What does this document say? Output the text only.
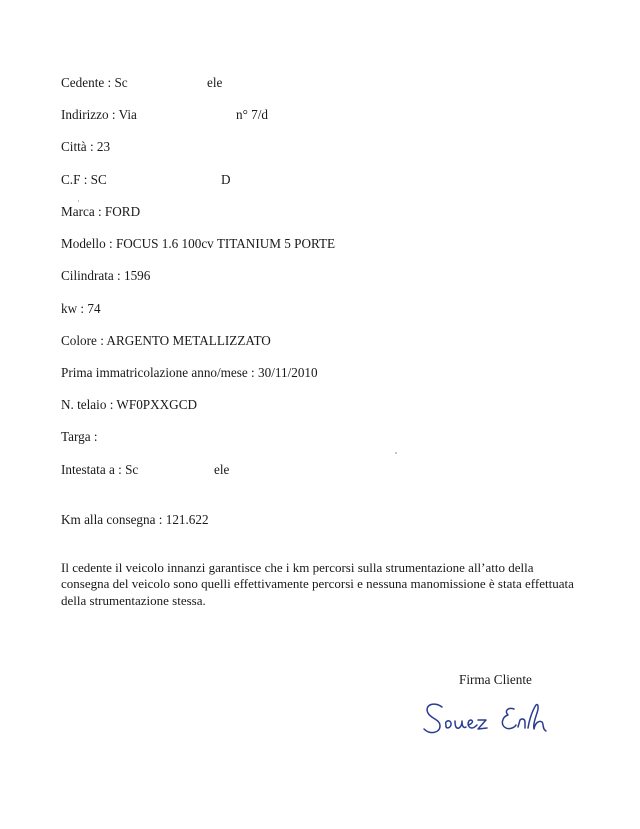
Cedente : Sc	ele
Indirizzo : Via	n° 7/d
Città : 23
C.F : SC	D
Marca : FORD
Modello : FOCUS 1.6 100cv TITANIUM 5 PORTE
Cilindrata : 1596
kw : 74
Colore : ARGENTO METALLIZZATO
Prima immatricolazione anno/mese : 30/11/2010
N. telaio : WF0PXXGCD
Targa :
Intestata a : Sc	ele
Km alla consegna : 121.622
Il cedente il veicolo innanzi garantisce che i km percorsi sulla strumentazione all’atto della
consegna del veicolo sono quelli effettivamente percorsi e nessuna manomissione è stata effettuata
della strumentazione stessa.
Firma Cliente
